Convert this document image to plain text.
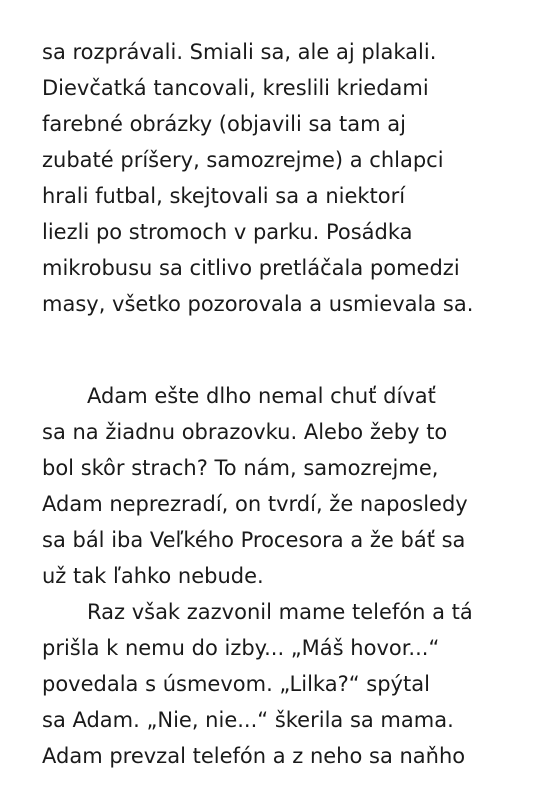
sa rozprávali. Smiali sa, ale aj plakali.
Dievčatká tancovali, kreslili kriedami
farebné obrázky (objavili sa tam aj
zubaté príšery, samozrejme) a chlapci
hrali futbal, skejtovali sa a niektorí
liezli po stromoch v parku. Posádka
mikrobusu sa citlivo pretláčala pomedzi
masy, všetko pozorovala a usmievala sa.
Adam ešte dlho nemal chuť dívať
sa na žiadnu obrazovku. Alebo žeby to
bol skôr strach? To nám, samozrejme,
Adam neprezradí, on tvrdí, že naposledy
sa bál iba Veľkého Procesora a že báť sa
už tak ľahko nebude.
Raz však zazvonil mame telefón a tá
prišla k nemu do izby... „Máš hovor...“
povedala s úsmevom. „Lilka?“ spýtal
sa Adam. „Nie, nie...“ škerila sa mama.
Adam prevzal telefón a z neho sa naňho
